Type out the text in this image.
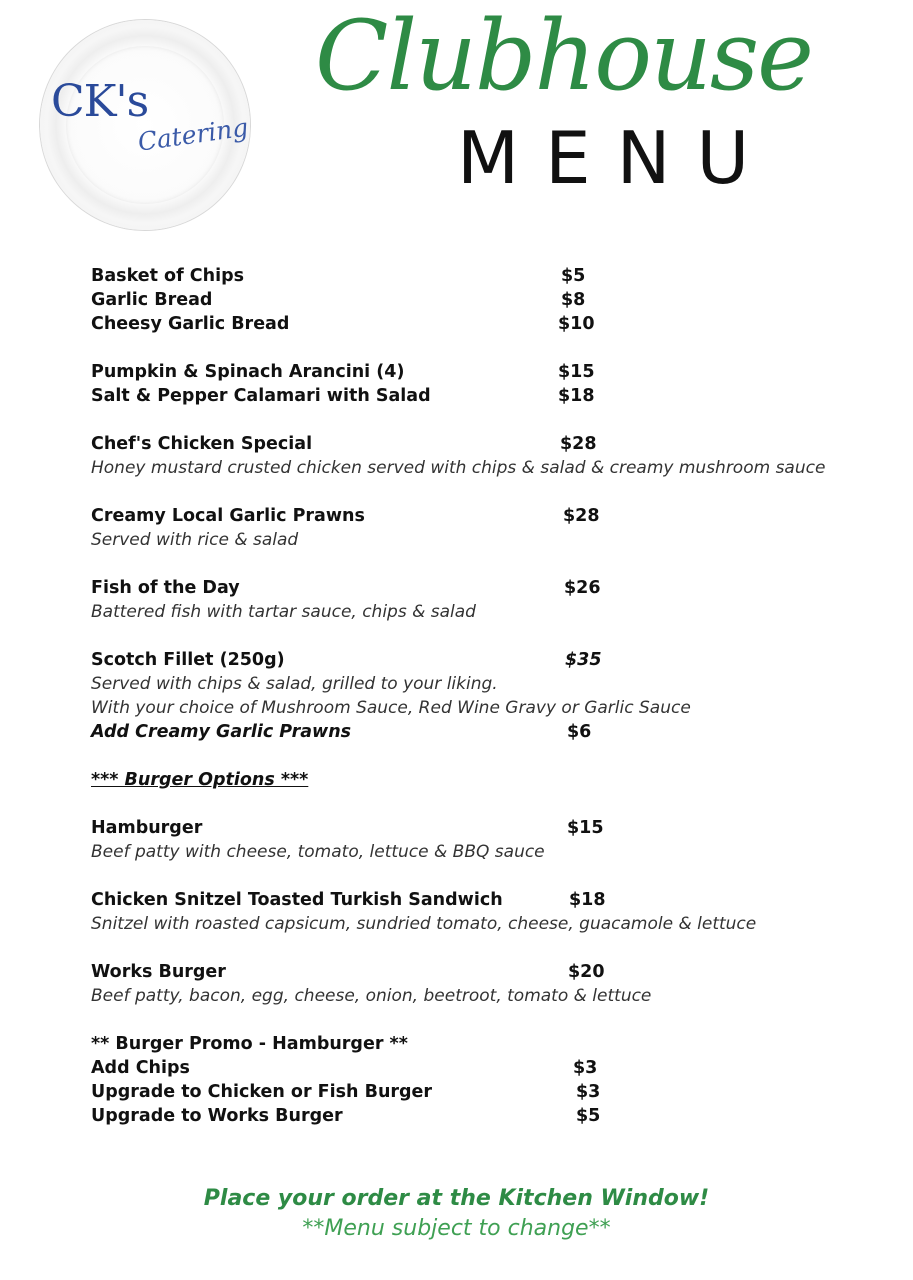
CK's
Catering
Clubhouse
MENU
Basket of Chips	$5
Garlic Bread	$8
Cheesy Garlic Bread	$10
Pumpkin & Spinach Arancini (4)	$15
Salt & Pepper Calamari with Salad	$18
Chef's Chicken Special	$28
Honey mustard crusted chicken served with chips & salad & creamy mushroom sauce
Creamy Local Garlic Prawns	$28
Served with rice & salad
Fish of the Day	$26
Battered fish with tartar sauce, chips & salad
Scotch Fillet (250g)	$35
Served with chips & salad, grilled to your liking.
With your choice of Mushroom Sauce, Red Wine Gravy or Garlic Sauce
Add Creamy Garlic Prawns	$6
*** Burger Options ***
Hamburger	$15
Beef patty with cheese, tomato, lettuce & BBQ sauce
Chicken Snitzel Toasted Turkish Sandwich	$18
Snitzel with roasted capsicum, sundried tomato, cheese, guacamole & lettuce
Works Burger	$20
Beef patty, bacon, egg, cheese, onion, beetroot, tomato & lettuce
** Burger Promo - Hamburger **
Add Chips	$3
Upgrade to Chicken or Fish Burger	$3
Upgrade to Works Burger	$5
Place your order at the Kitchen Window!
**Menu subject to change**
